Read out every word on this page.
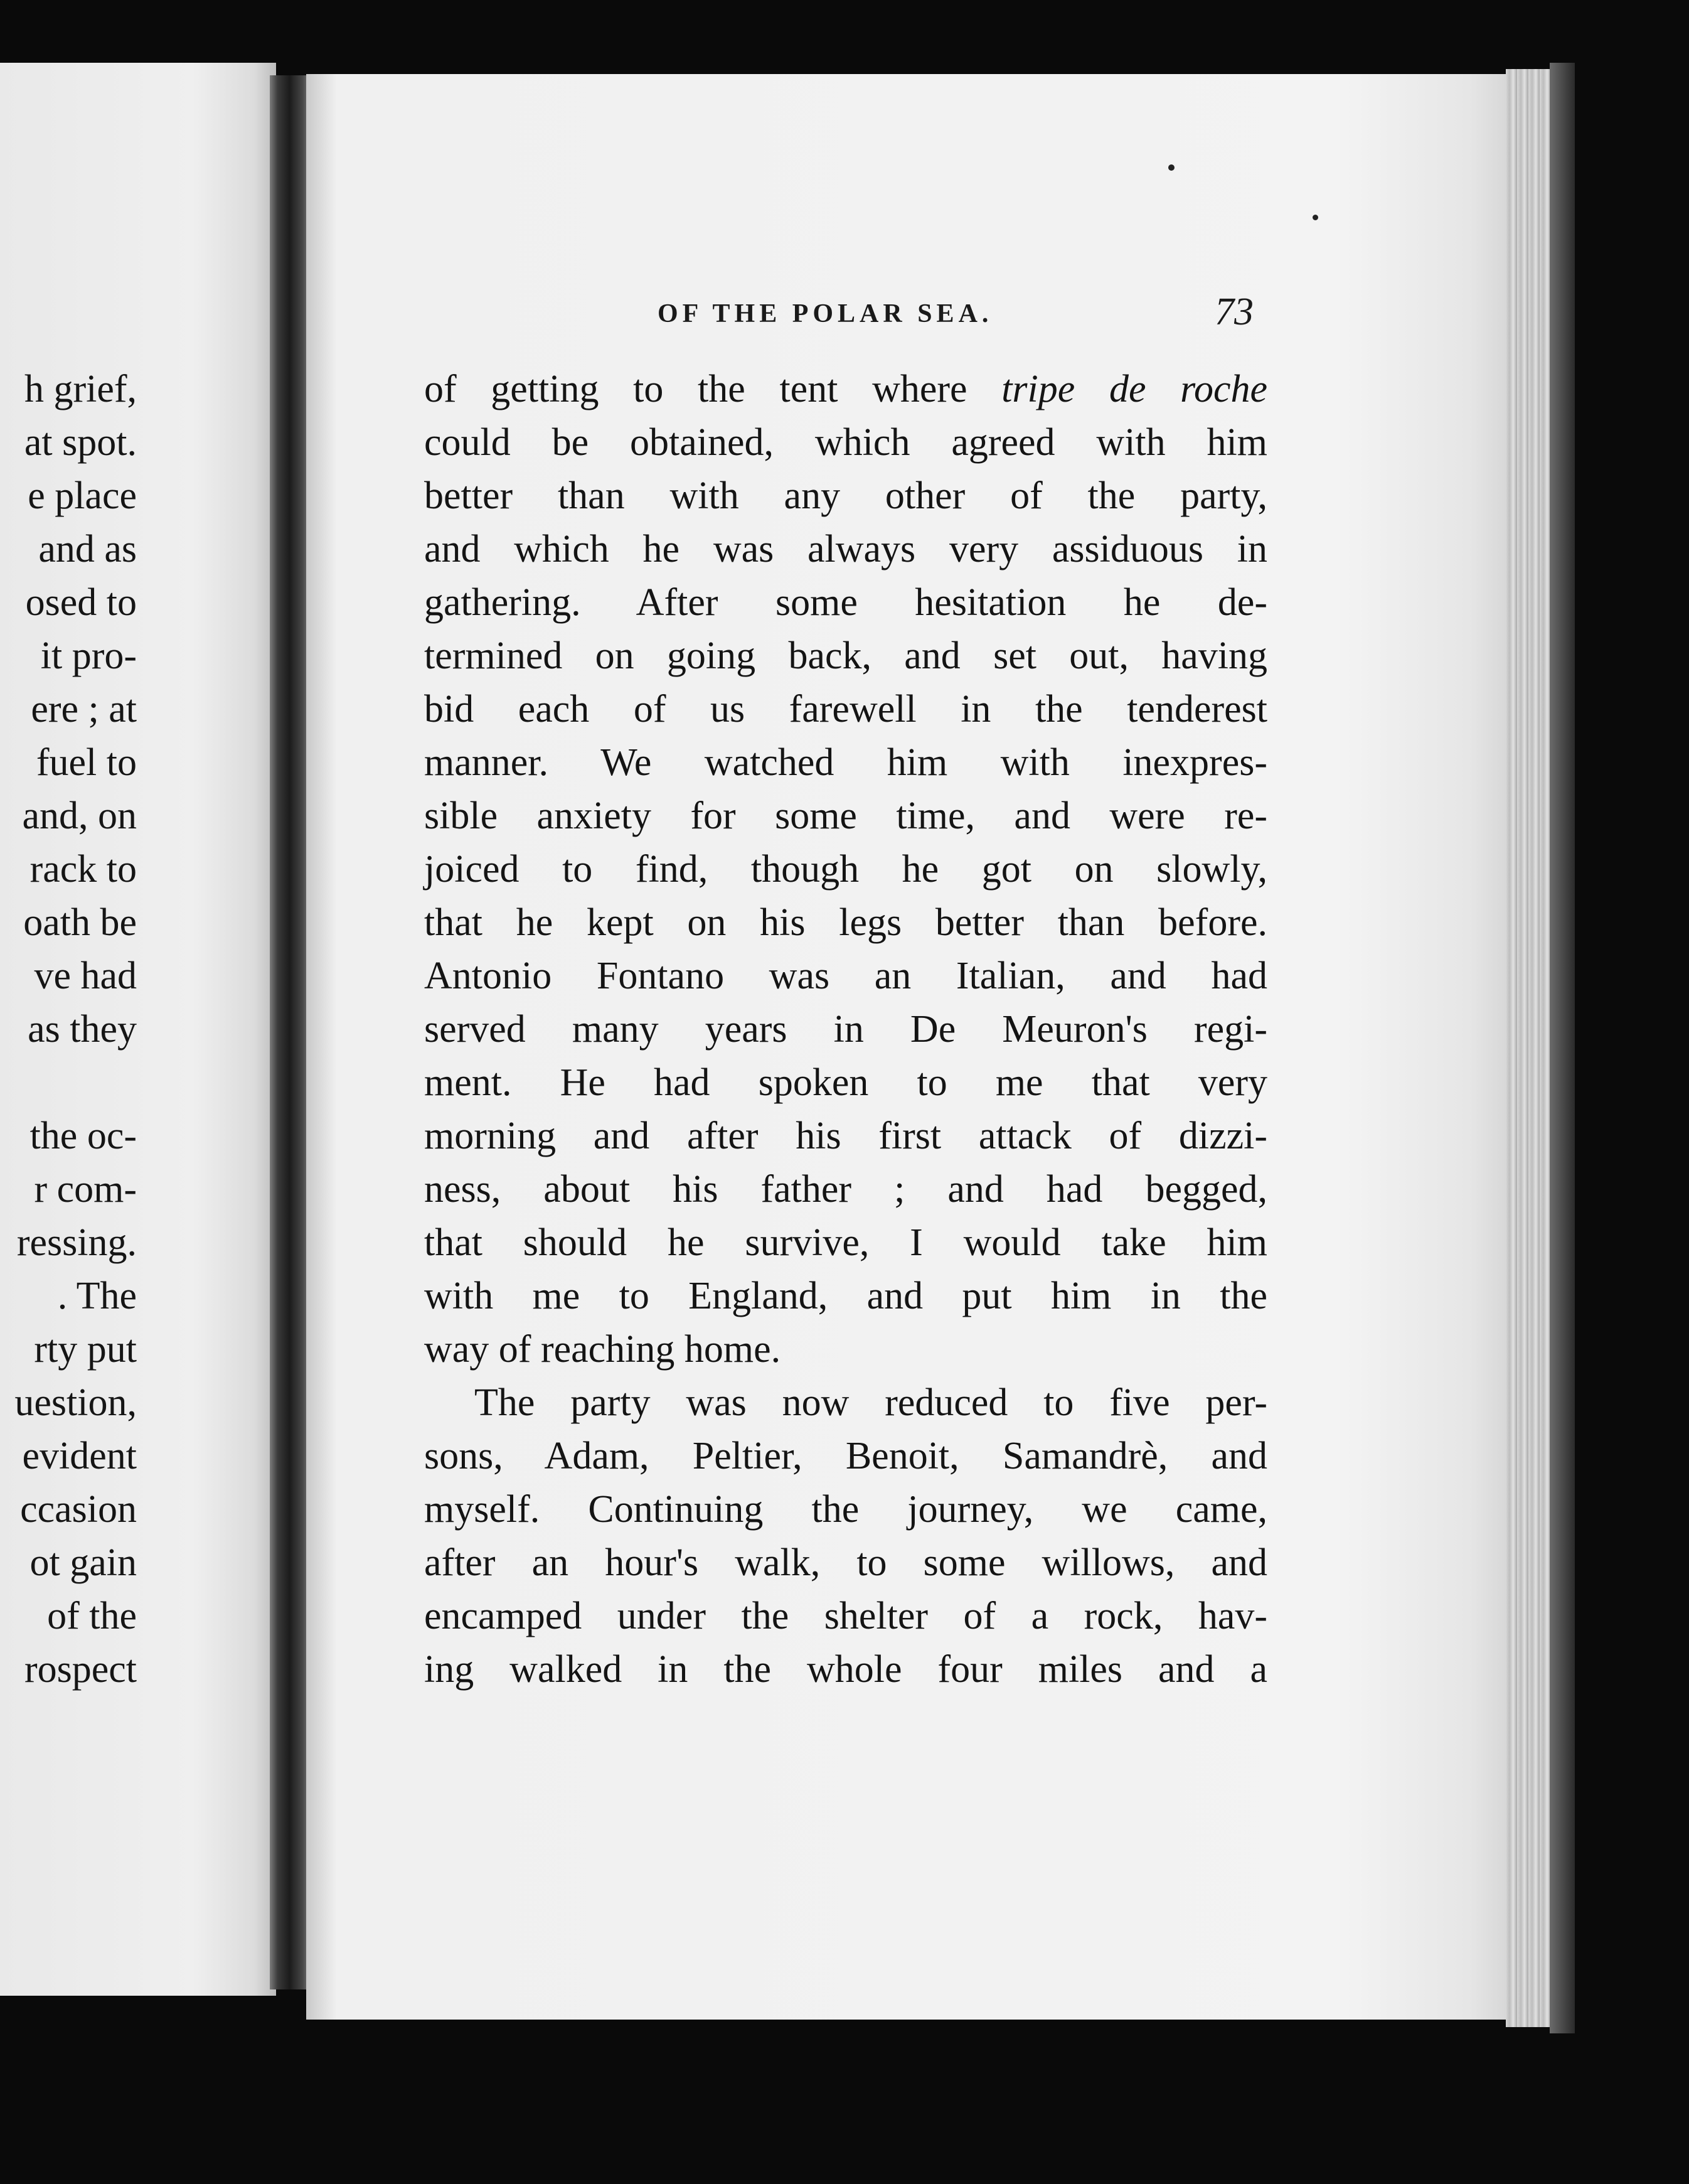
h grief,
at spot.
e place
and as
osed to
it pro-
ere ; at
fuel to
and, on
rack to
oath be
ve had
as they
the oc-
r com-
ressing.
. The
rty put
uestion,
evident
ccasion
ot gain
of the
rospect
OF THE POLAR SEA.	73
of getting to the tent where tripe de roche
could be obtained, which agreed with him
better than with any other of the party,
and which he was always very assiduous in
gathering. After some hesitation he de-
termined on going back, and set out, having
bid each of us farewell in the tenderest
manner. We watched him with inexpres-
sible anxiety for some time, and were re-
joiced to find, though he got on slowly,
that he kept on his legs better than before.
Antonio Fontano was an Italian, and had
served many years in De Meuron's regi-
ment. He had spoken to me that very
morning and after his first attack of dizzi-
ness, about his father ; and had begged,
that should he survive, I would take him
with me to England, and put him in the
way of reaching home.
The party was now reduced to five per-
sons, Adam, Peltier, Benoit, Samandrè, and
myself. Continuing the journey, we came,
after an hour's walk, to some willows, and
encamped under the shelter of a rock, hav-
ing walked in the whole four miles and a
